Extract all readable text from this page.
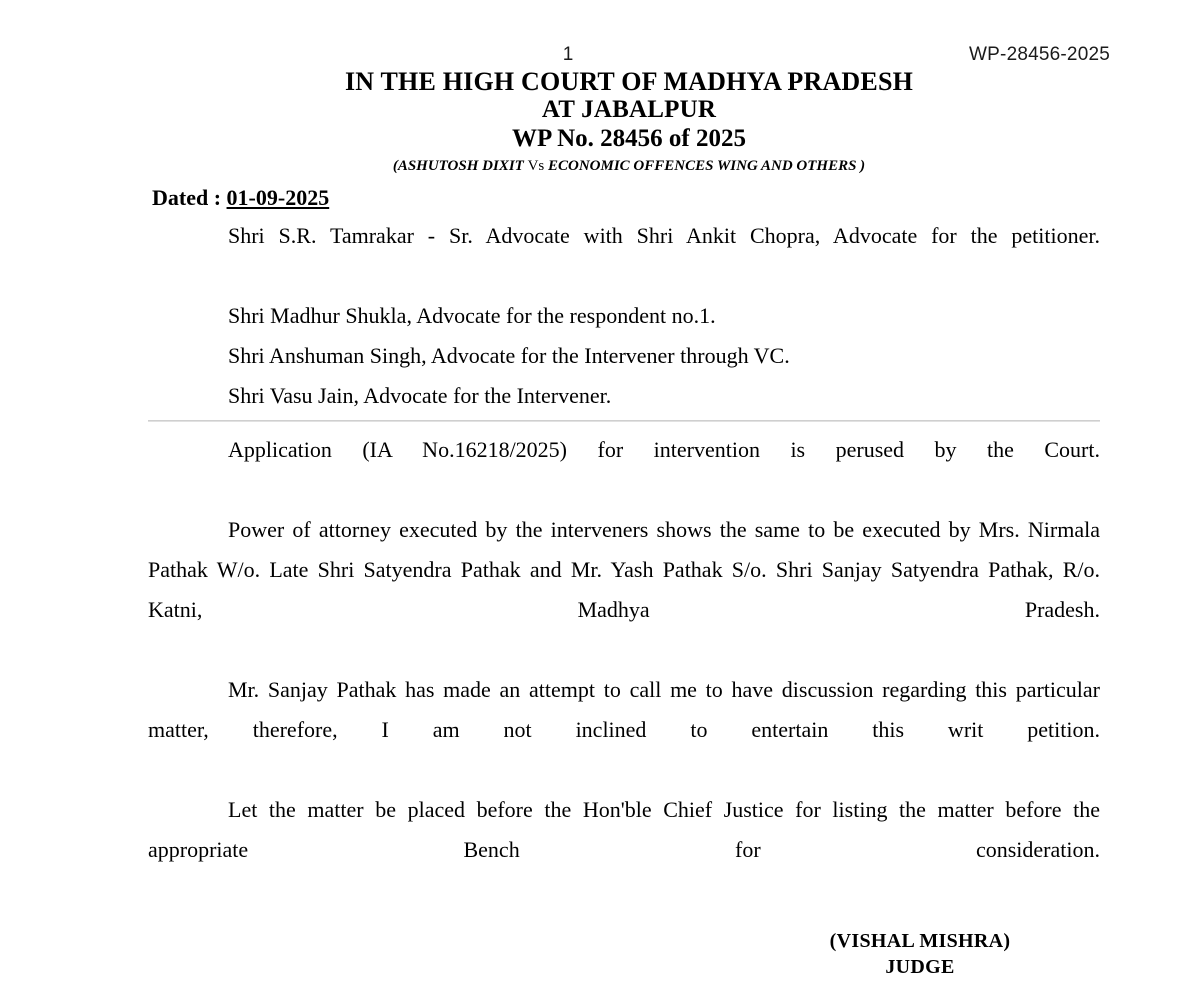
1	WP-28456-2025
IN THE HIGH COURT OF MADHYA PRADESH
AT JABALPUR
WP No. 28456 of 2025
(ASHUTOSH DIXIT Vs ECONOMIC OFFENCES WING AND OTHERS )
Dated : 01-09-2025

Shri S.R. Tamrakar - Sr. Advocate with Shri Ankit Chopra, Advocate for the petitioner.

Shri Madhur Shukla, Advocate for the respondent no.1.

Shri Anshuman Singh, Advocate for the Intervener through VC.

Shri Vasu Jain, Advocate for the Intervener.

Application (IA No.16218/2025) for intervention is perused by the Court.

Power of attorney executed by the interveners shows the same to be executed by Mrs. Nirmala Pathak W/o. Late Shri Satyendra Pathak and Mr. Yash Pathak S/o. Shri Sanjay Satyendra Pathak, R/o. Katni, Madhya Pradesh.

Mr. Sanjay Pathak has made an attempt to call me to have discussion regarding this particular matter, therefore, I am not inclined to entertain this writ petition.

Let the matter be placed before the Hon'ble Chief Justice for listing the matter before the appropriate Bench for consideration.

(VISHAL MISHRA)
JUDGE
